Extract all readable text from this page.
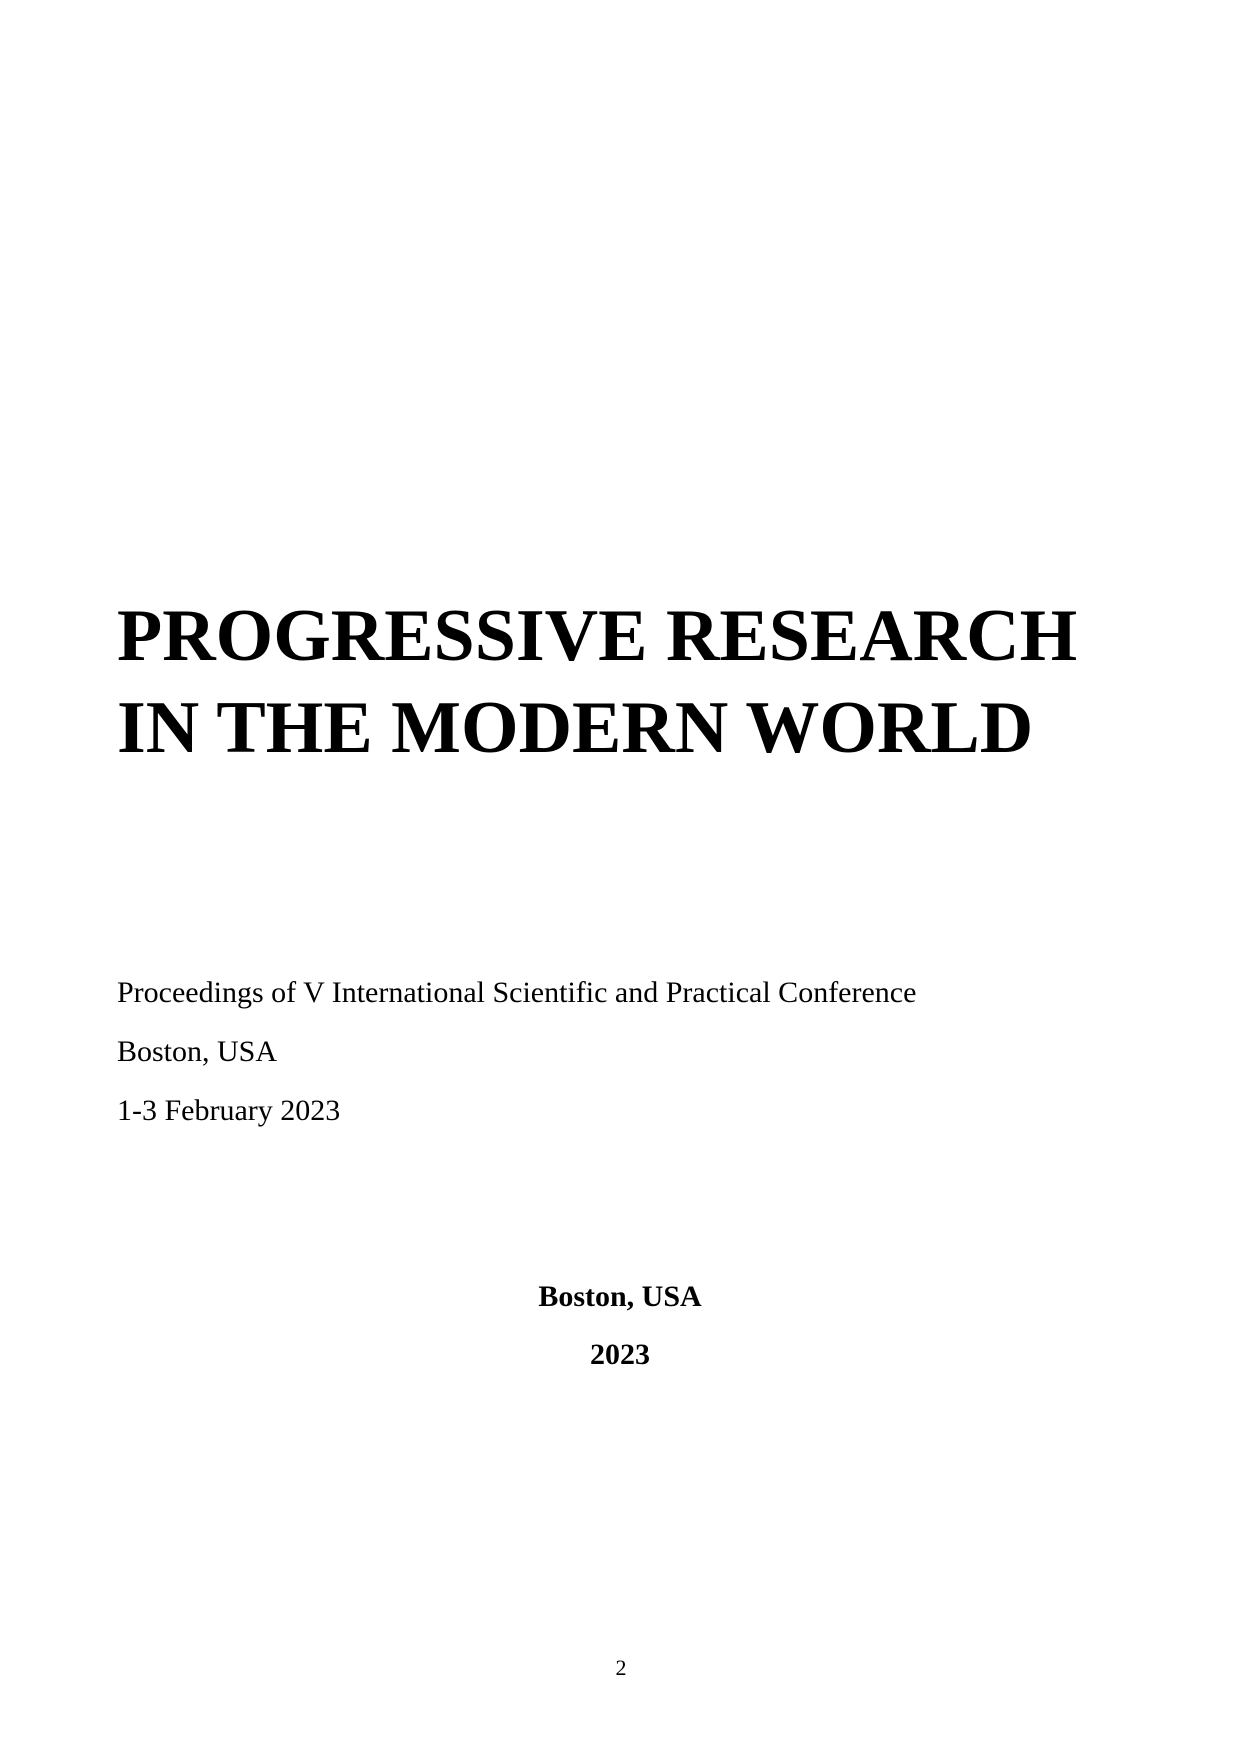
PROGRESSIVE RESEARCH

IN THE MODERN WORLD

Proceedings of V International Scientific and Practical Conference

Boston, USA

1-3 February 2023

Boston, USA

2023

2
